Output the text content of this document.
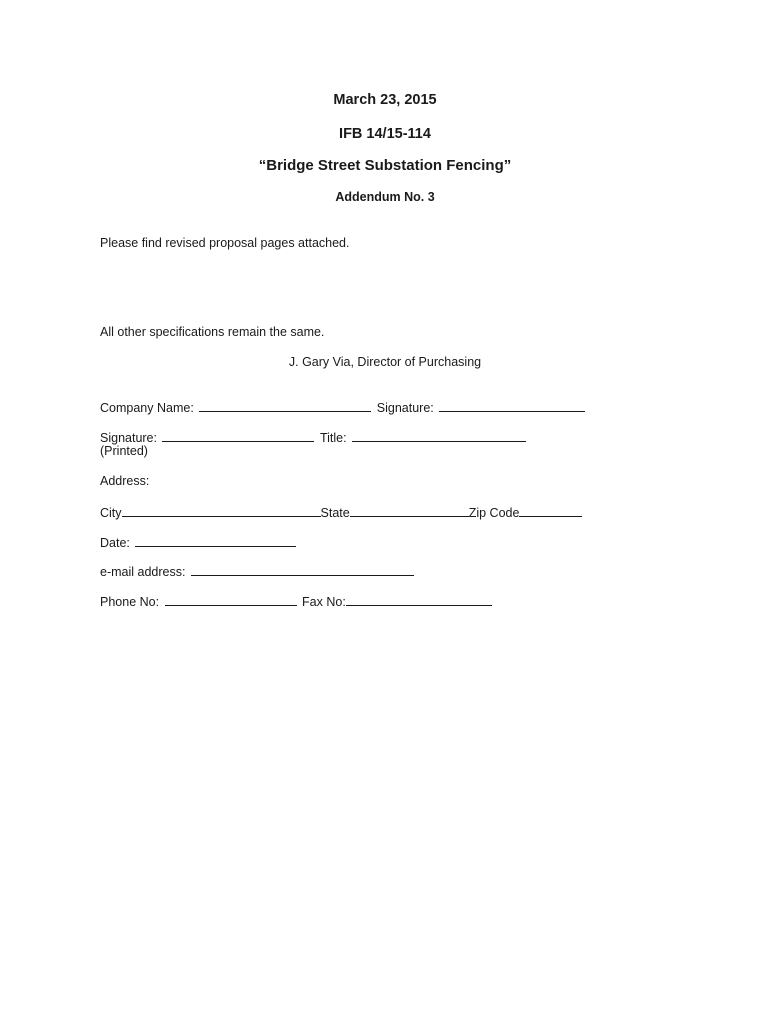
March 23, 2015
IFB 14/15-114
“Bridge Street Substation Fencing”
Addendum No. 3
Please find revised proposal pages attached.
All other specifications remain the same.
J. Gary Via, Director of Purchasing
Company Name:	Signature:
Signature:	Title:
(Printed)
Address:
City	State	Zip Code
Date:
e-mail address:
Phone No:	Fax No:
